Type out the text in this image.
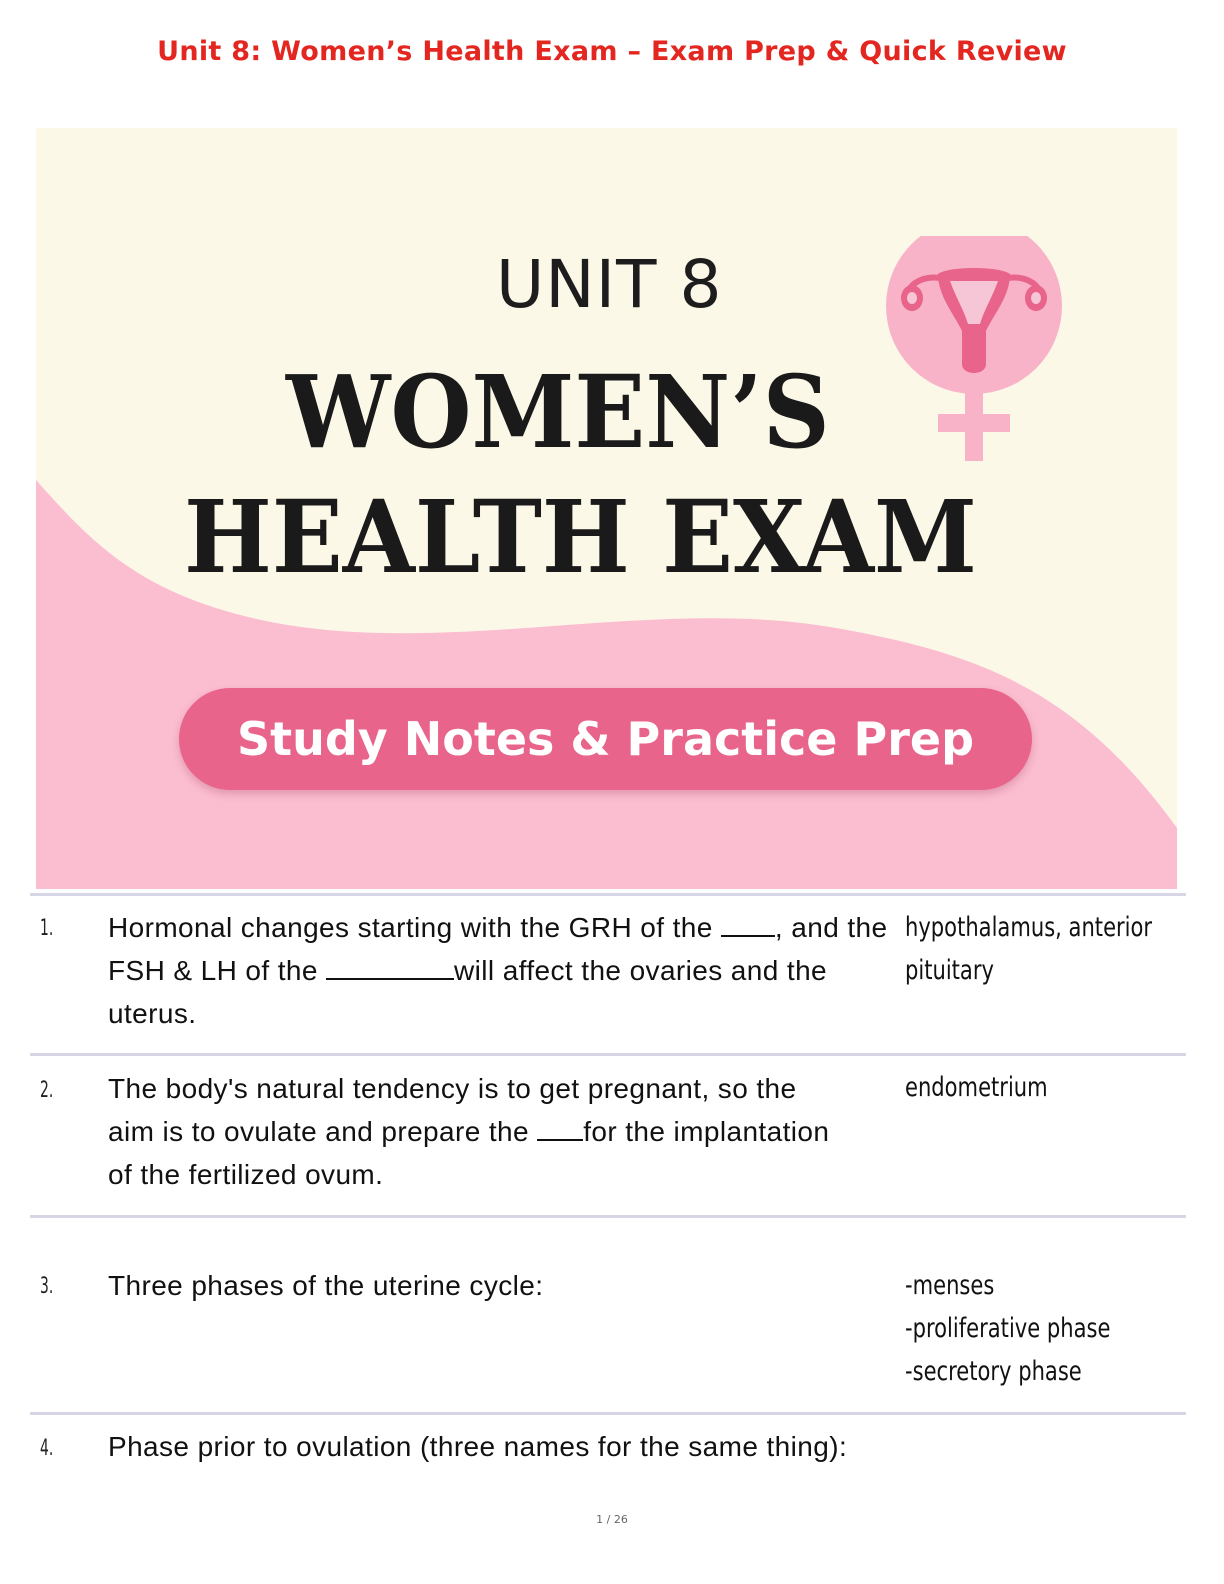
Unit 8: Women’s Health Exam – Exam Prep & Quick Review
UNIT 8
WOMEN’S
HEALTH EXAM
Study Notes & Practice Prep
1. Hormonal changes starting with the GRH of the , and the FSH & LH of the	will affect the ovaries and the uterus.
hypothalamus, anterior
pituitary
2. The body's natural tendency is to get pregnant, so the aim is to ovulate and prepare the for the implantation of the fertilized ovum.
endometrium
3. Three phases of the uterine cycle:	-menses
-proliferative phase
-secretory phase
4. Phase prior to ovulation (three names for the same thing):
1 / 26
